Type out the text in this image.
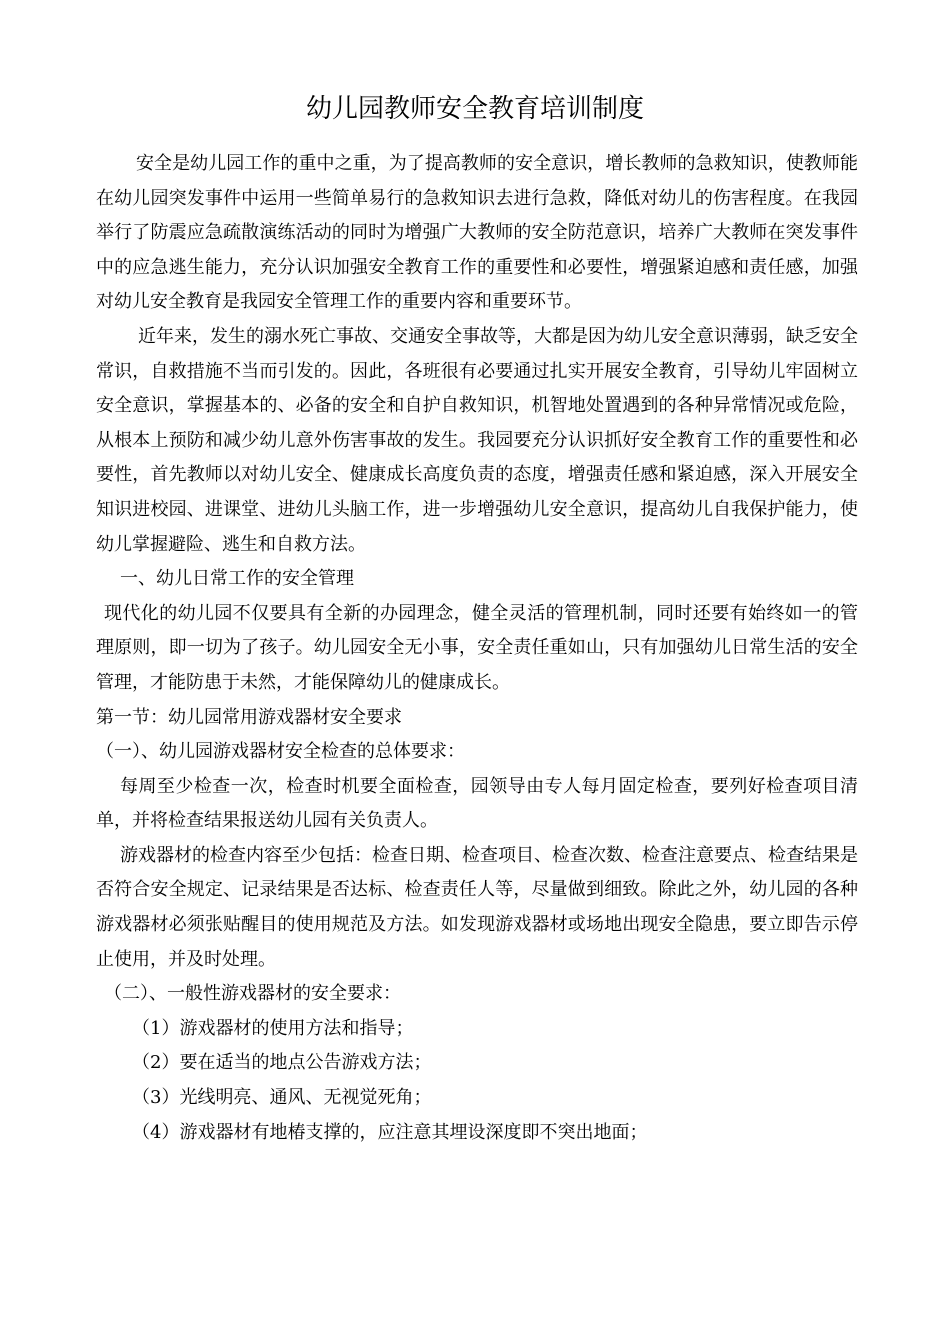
幼儿园教师安全教育培训制度

安全是幼儿园工作的重中之重，为了提高教师的安全意识，增长教师的急救知识，使教师能在幼儿园突发事件中运用一些简单易行的急救知识去进行急救，降低对幼儿的伤害程度。在我园举行了防震应急疏散演练活动的同时为增强广大教师的安全防范意识，培养广大教师在突发事件中的应急逃生能力，充分认识加强安全教育工作的重要性和必要性，增强紧迫感和责任感，加强对幼儿安全教育是我园安全管理工作的重要内容和重要环节。

近年来，发生的溺水死亡事故、交通安全事故等，大都是因为幼儿安全意识薄弱，缺乏安全常识，自救措施不当而引发的。因此，各班很有必要通过扎实开展安全教育，引导幼儿牢固树立安全意识，掌握基本的、必备的安全和自护自救知识，机智地处置遇到的各种异常情况或危险，从根本上预防和减少幼儿意外伤害事故的发生。我园要充分认识抓好安全教育工作的重要性和必要性，首先教师以对幼儿安全、健康成长高度负责的态度，增强责任感和紧迫感，深入开展安全知识进校园、进课堂、进幼儿头脑工作，进一步增强幼儿安全意识，提高幼儿自我保护能力，使幼儿掌握避险、逃生和自救方法。

一、幼儿日常工作的安全管理

现代化的幼儿园不仅要具有全新的办园理念，健全灵活的管理机制，同时还要有始终如一的管理原则，即一切为了孩子。幼儿园安全无小事，安全责任重如山，只有加强幼儿日常生活的安全管理，才能防患于未然，才能保障幼儿的健康成长。

第一节：幼儿园常用游戏器材安全要求

（一）、幼儿园游戏器材安全检查的总体要求：

每周至少检查一次，检查时机要全面检查，园领导由专人每月固定检查，要列好检查项目清单，并将检查结果报送幼儿园有关负责人。

游戏器材的检查内容至少包括：检查日期、检查项目、检查次数、检查注意要点、检查结果是否符合安全规定、记录结果是否达标、检查责任人等，尽量做到细致。除此之外，幼儿园的各种游戏器材必须张贴醒目的使用规范及方法。如发现游戏器材或场地出现安全隐患，要立即告示停止使用，并及时处理。

（二）、一般性游戏器材的安全要求：

（1）游戏器材的使用方法和指导；

（2）要在适当的地点公告游戏方法；

（3）光线明亮、通风、无视觉死角；

（4）游戏器材有地椿支撑的，应注意其埋设深度即不突出地面；
